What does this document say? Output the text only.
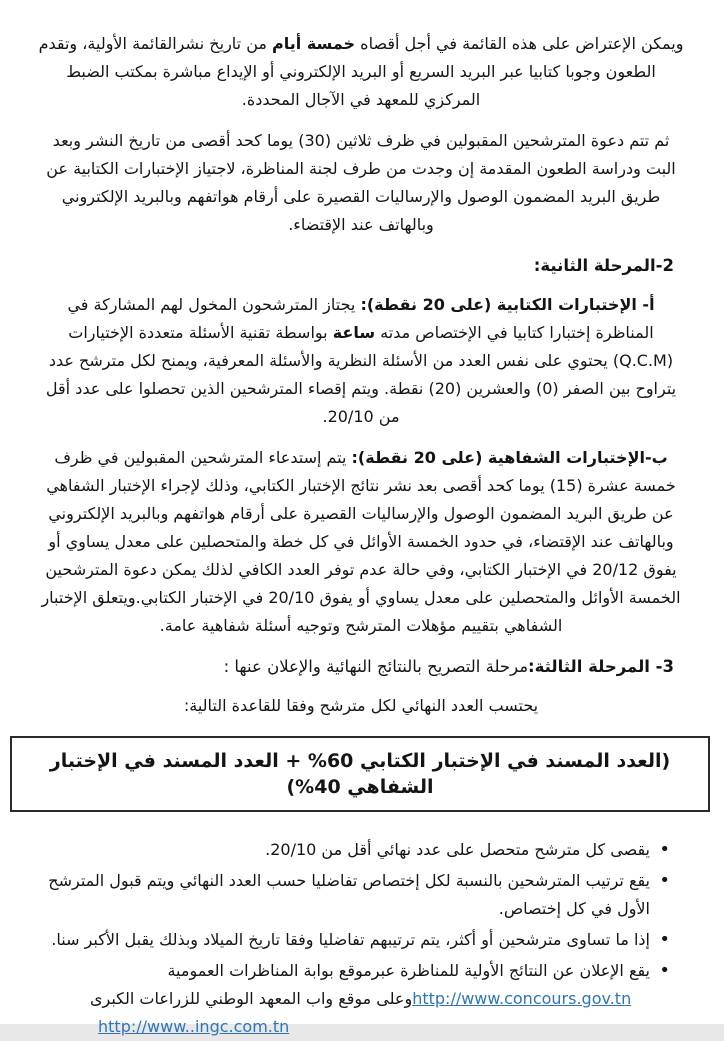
ويمكن الإعتراض على هذه القائمة في أجل أقصاه خمسة أيام من تاريخ نشرالقائمة الأولية، وتقدم الطعون وجوبا كتابيا عبر البريد السريع أو البريد الإلكتروني أو الإيداع مباشرة بمكتب الضبط المركزي للمعهد في الآجال المحددة.

ثم تتم دعوة المترشحين المقبولين في ظرف ثلاثين (30) يوما كحد أقصى من تاريخ النشر وبعد البت ودراسة الطعون المقدمة إن وجدت من طرف لجنة المناظرة، لاجتياز الإختبارات الكتابية عن طريق البريد المضمون الوصول والإرساليات القصيرة على أرقام هواتفهم وبالبريد الإلكتروني وبالهاتف عند الإقتضاء.

2-المرحلة الثانية:

أ- الإختبارات الكتابية (على 20 نقطة): يجتاز المترشحون المخول لهم المشاركة في المناظرة إختبارا كتابيا في الإختصاص مدته ساعة بواسطة تقنية الأسئلة متعددة الإختيارات (Q.C.M) يحتوي على نفس العدد من الأسئلة النظرية والأسئلة المعرفية، ويمنح لكل مترشح عدد يتراوح بين الصفر (0) والعشرين (20) نقطة. ويتم إقصاء المترشحين الذين تحصلوا على عدد أقل من 20/10.

ب-الإختبارات الشفاهية (على 20 نقطة): يتم إستدعاء المترشحين المقبولين في ظرف خمسة عشرة (15) يوما كحد أقصى بعد نشر نتائج الإختبار الكتابي، وذلك لإجراء الإختبار الشفاهي عن طريق البريد المضمون الوصول والإرساليات القصيرة على أرقام هواتفهم وبالبريد الإلكتروني وبالهاتف عند الإقتضاء، في حدود الخمسة الأوائل في كل خطة والمتحصلين على معدل يساوي أو يفوق 20/12 في الإختبار الكتابي، وفي حالة عدم توفر العدد الكافي لذلك يمكن دعوة المترشحين الخمسة الأوائل والمتحصلين على معدل يساوي أو يفوق 20/10 في الإختبار الكتابي.ويتعلق الإختبار الشفاهي بتقييم مؤهلات المترشح وتوجيه أسئلة شفاهية عامة.

3- المرحلة الثالثة:مرحلة التصريح بالنتائج النهائية والإعلان عنها :

يحتسب العدد النهائي لكل مترشح وفقا للقاعدة التالية:

(العدد المسند في الإختبار الكتابي 60% + العدد المسند في الإختبار الشفاهي 40%)
• يقصى كل مترشح متحصل على عدد نهائي أقل من 20/10.
• يقع ترتيب المترشحين بالنسبة لكل إختصاص تفاضليا حسب العدد النهائي ويتم قبول المترشح الأول في كل إختصاص.
• إذا ما تساوى مترشحين أو أكثر، يتم ترتيبهم تفاضليا وفقا تاريخ الميلاد وبذلك يقبل الأكبر سنا.
• يقع الإعلان عن النتائج الأولية للمناظرة عبرموقع بوابة المناظرات العمومية

http://www.concours.gov.tnوعلى موقع واب المعهد الوطني للزراعات الكبرى
http://www..ingc.com.tn
